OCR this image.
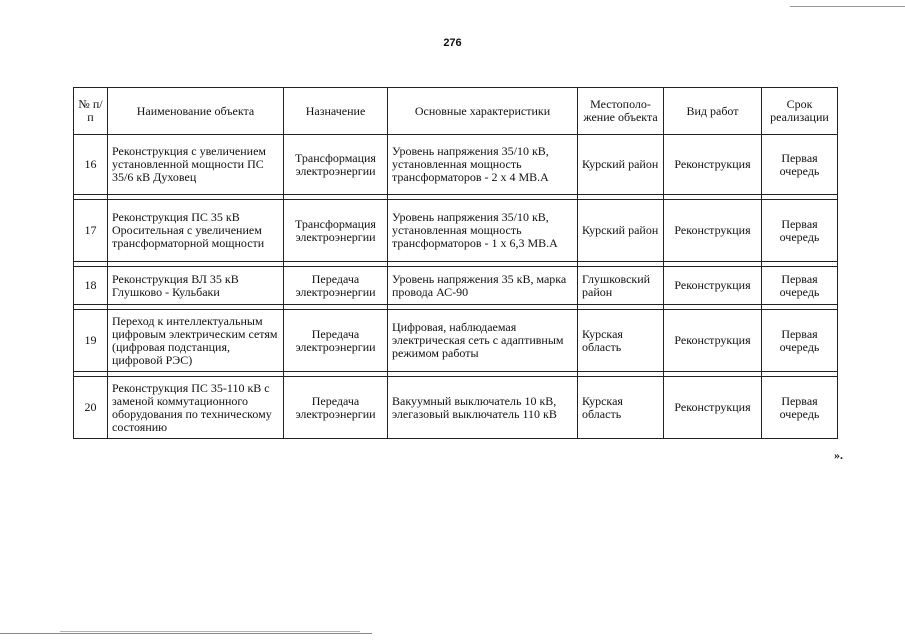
276
№ п/п	Наименование объекта	Назначение	Основные характеристики	Местополо-жение объекта	Вид работ	Срок реализации
16	Реконструкция с увеличением установленной мощности ПС 35/6 кВ Духовец	Трансформация электроэнергии	Уровень напряжения 35/10 кВ, установленная мощность трансформаторов - 2 х 4 МВ.А	Курский район	Реконструкция	Первая очередь

17	Реконструкция ПС 35 кВ Оросительная с увеличением трансформаторной мощности	Трансформация электроэнергии	Уровень напряжения 35/10 кВ, установленная мощность трансформаторов - 1 х 6,3 МВ.А	Курский район	Реконструкция	Первая очередь

18	Реконструкция ВЛ 35 кВ Глушково - Кульбаки	Передача электроэнергии	Уровень напряжения 35 кВ, марка провода АС-90	Глушковский район	Реконструкция	Первая очередь

19	Переход к интеллектуальным цифровым электрическим сетям (цифровая подстанция, цифровой РЭС)	Передача электроэнергии	Цифровая, наблюдаемая электрическая сеть с адаптивным режимом работы	Курская область	Реконструкция	Первая очередь

20	Реконструкция ПС 35-110 кВ с заменой коммутационного оборудования по техническому состоянию	Передача электроэнергии	Вакуумный выключатель 10 кВ, элегазовый выключатель 110 кВ	Курская область	Реконструкция	Первая очередь
».
